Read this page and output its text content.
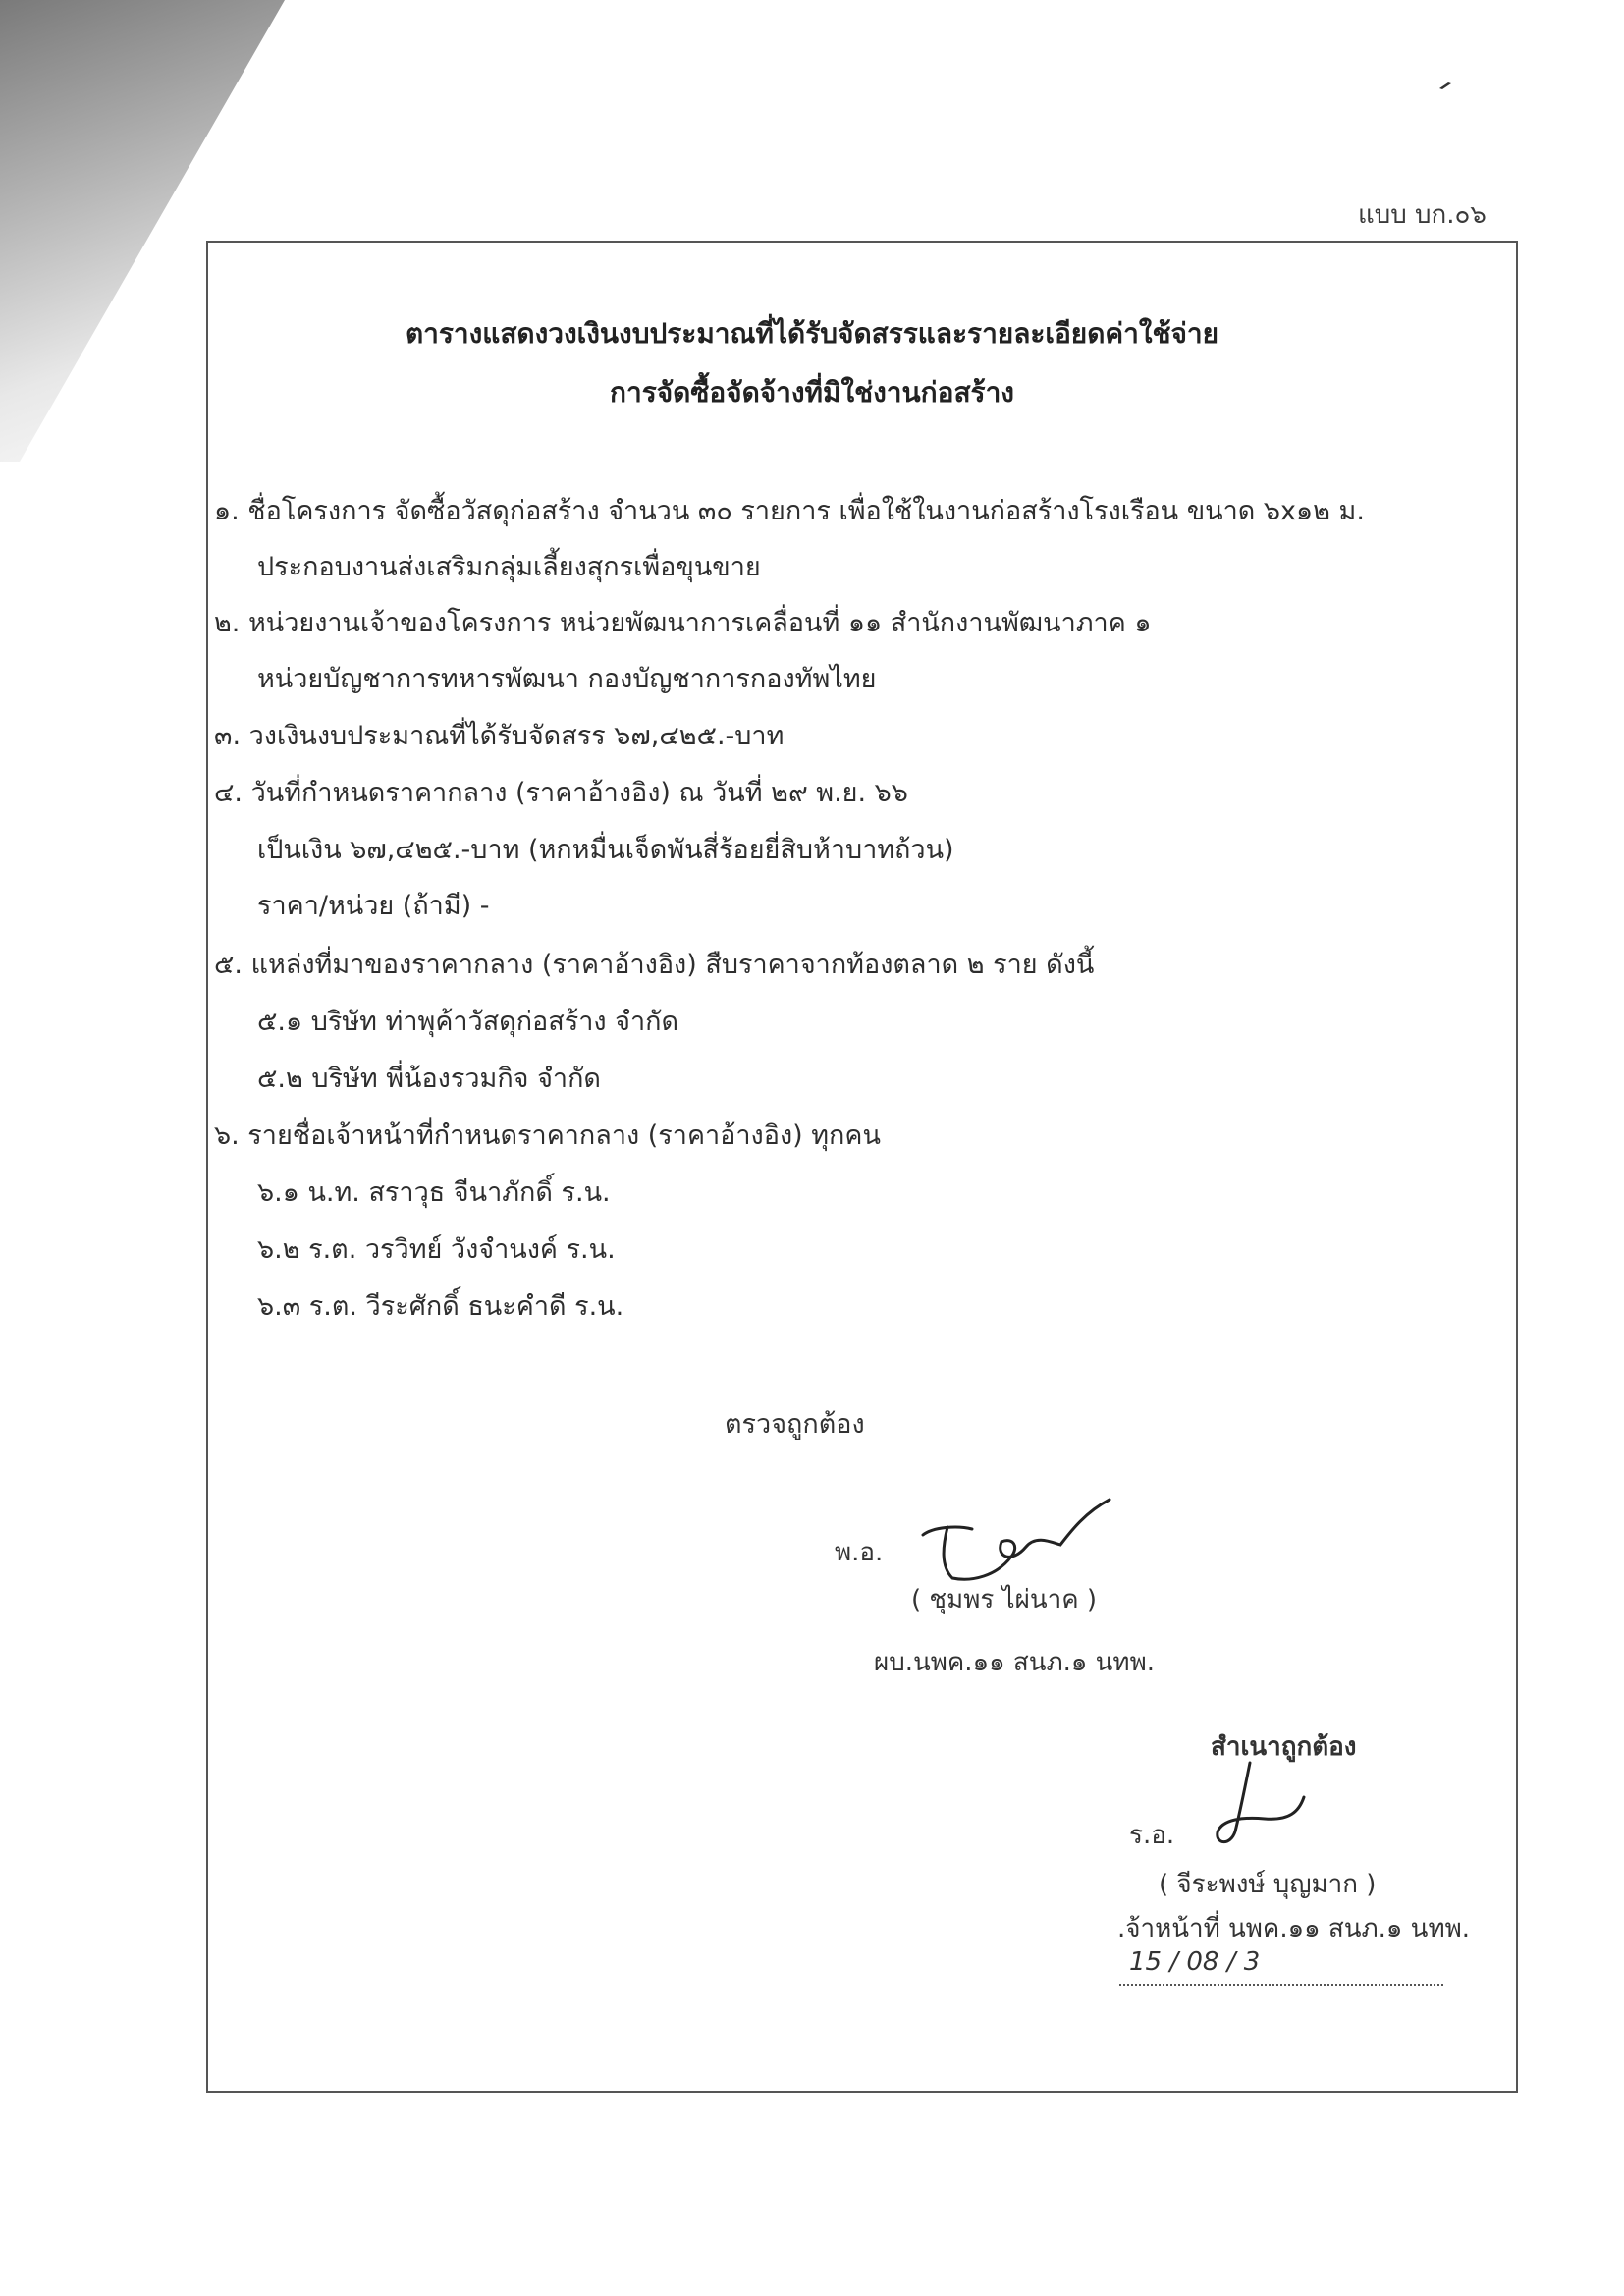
แบบ บก.๐๖
ตารางแสดงวงเงินงบประมาณที่ได้รับจัดสรรและรายละเอียดค่าใช้จ่าย
การจัดซื้อจัดจ้างที่มิใช่งานก่อสร้าง
๑. ชื่อโครงการ จัดซื้อวัสดุก่อสร้าง จำนวน ๓๐ รายการ เพื่อใช้ในงานก่อสร้างโรงเรือน ขนาด ๖x๑๒ ม.
ประกอบงานส่งเสริมกลุ่มเลี้ยงสุกรเพื่อขุนขาย
๒. หน่วยงานเจ้าของโครงการ หน่วยพัฒนาการเคลื่อนที่ ๑๑ สำนักงานพัฒนาภาค ๑
หน่วยบัญชาการทหารพัฒนา กองบัญชาการกองทัพไทย
๓. วงเงินงบประมาณที่ได้รับจัดสรร ๖๗,๔๒๕.-บาท
๔. วันที่กำหนดราคากลาง (ราคาอ้างอิง) ณ วันที่ ๒๙ พ.ย. ๖๖
เป็นเงิน ๖๗,๔๒๕.-บาท (หกหมื่นเจ็ดพันสี่ร้อยยี่สิบห้าบาทถ้วน)
ราคา/หน่วย (ถ้ามี) -
๕. แหล่งที่มาของราคากลาง (ราคาอ้างอิง) สืบราคาจากท้องตลาด ๒ ราย ดังนี้
๕.๑ บริษัท ท่าพุค้าวัสดุก่อสร้าง จำกัด
๕.๒ บริษัท พี่น้องรวมกิจ จำกัด
๖. รายชื่อเจ้าหน้าที่กำหนดราคากลาง (ราคาอ้างอิง) ทุกคน
๖.๑ น.ท. สราวุธ จีนาภักดิ์ ร.น.
๖.๒ ร.ต. วรวิทย์ วังจำนงค์ ร.น.
๖.๓ ร.ต. วีระศักดิ์ ธนะคำดี ร.น.
ตรวจถูกต้อง
พ.อ.
( ชุมพร ไผ่นาค )
ผบ.นพค.๑๑ สนภ.๑ นทพ.
สำเนาถูกต้อง
ร.อ.
( จีระพงษ์ บุญมาก )
.จ้าหน้าที่ นพค.๑๑ สนภ.๑ นทพ.
15 / 08 / 3
